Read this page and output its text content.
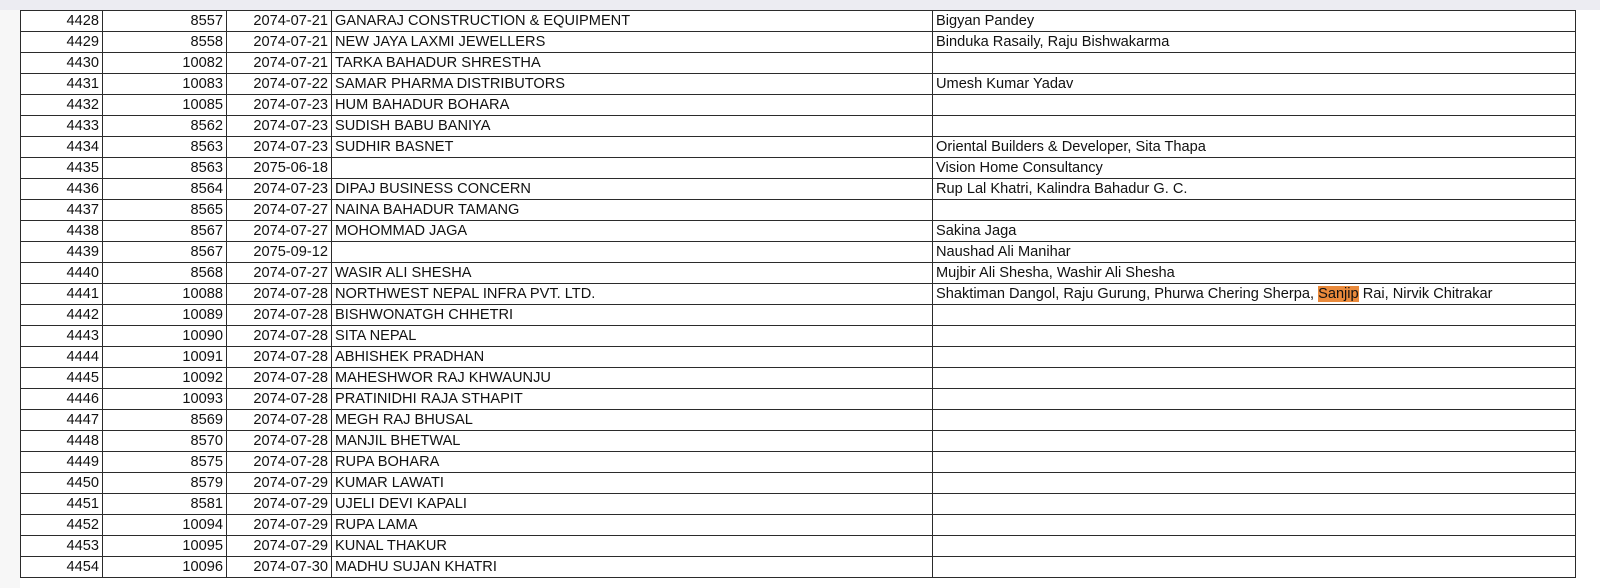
4428	8557	2074-07-21	GANARAJ CONSTRUCTION & EQUIPMENT	Bigyan Pandey
4429	8558	2074-07-21	NEW JAYA LAXMI JEWELLERS	Binduka Rasaily, Raju Bishwakarma
4430	10082	2074-07-21	TARKA BAHADUR SHRESTHA	
4431	10083	2074-07-22	SAMAR PHARMA DISTRIBUTORS	Umesh Kumar Yadav
4432	10085	2074-07-23	HUM BAHADUR BOHARA	
4433	8562	2074-07-23	SUDISH BABU BANIYA	
4434	8563	2074-07-23	SUDHIR BASNET	Oriental Builders & Developer, Sita Thapa
4435	8563	2075-06-18		Vision Home Consultancy
4436	8564	2074-07-23	DIPAJ BUSINESS CONCERN	Rup Lal Khatri, Kalindra Bahadur G. C.
4437	8565	2074-07-27	NAINA BAHADUR TAMANG	
4438	8567	2074-07-27	MOHOMMAD JAGA	Sakina Jaga
4439	8567	2075-09-12		Naushad Ali Manihar
4440	8568	2074-07-27	WASIR ALI SHESHA	Mujbir Ali Shesha, Washir Ali Shesha
4441	10088	2074-07-28	NORTHWEST NEPAL INFRA PVT. LTD.	Shaktiman Dangol, Raju Gurung, Phurwa Chering Sherpa, Sanjip Rai, Nirvik Chitrakar
4442	10089	2074-07-28	BISHWONATGH CHHETRI	
4443	10090	2074-07-28	SITA NEPAL	
4444	10091	2074-07-28	ABHISHEK PRADHAN	
4445	10092	2074-07-28	MAHESHWOR RAJ KHWAUNJU	
4446	10093	2074-07-28	PRATINIDHI RAJA STHAPIT	
4447	8569	2074-07-28	MEGH RAJ BHUSAL	
4448	8570	2074-07-28	MANJIL BHETWAL	
4449	8575	2074-07-28	RUPA BOHARA	
4450	8579	2074-07-29	KUMAR LAWATI	
4451	8581	2074-07-29	UJELI DEVI KAPALI	
4452	10094	2074-07-29	RUPA LAMA	
4453	10095	2074-07-29	KUNAL THAKUR	
4454	10096	2074-07-30	MADHU SUJAN KHATRI	
